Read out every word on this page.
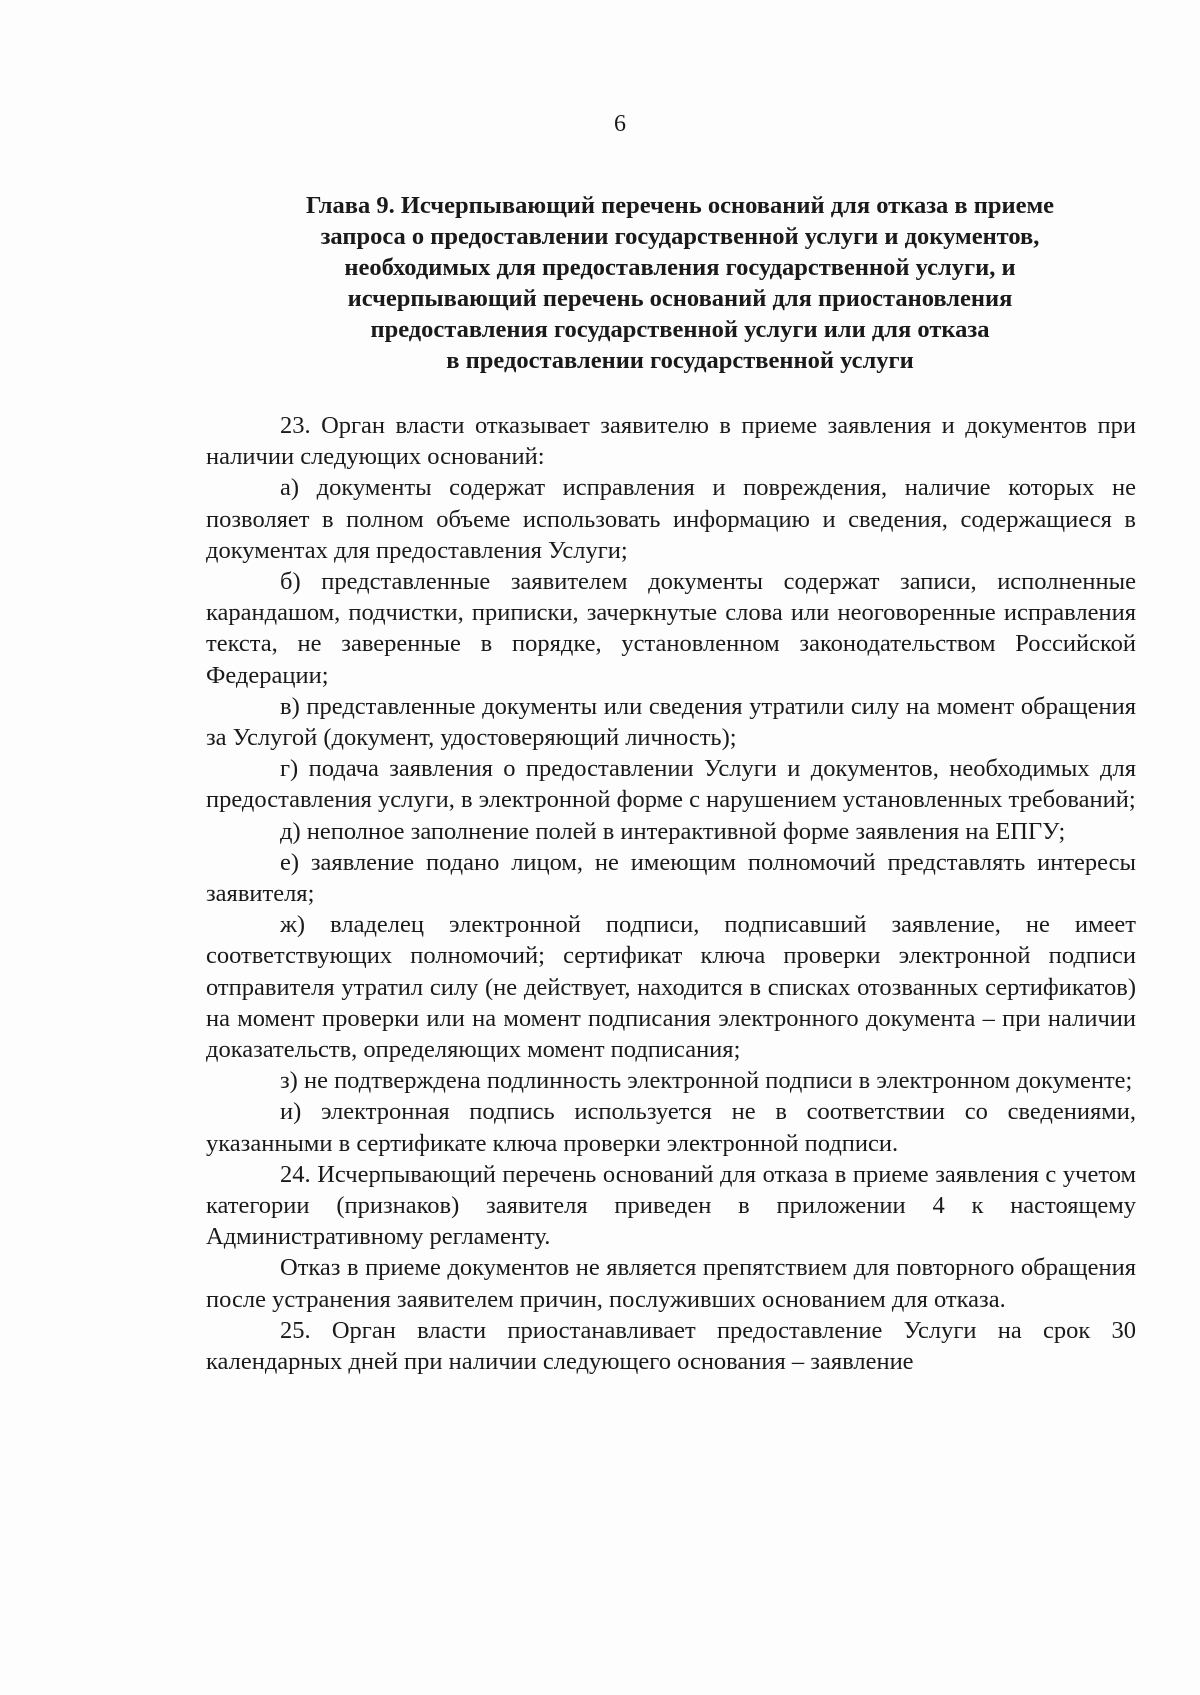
6
Глава 9. Исчерпывающий перечень оснований для отказа в приеме
запроса о предоставлении государственной услуги и документов,
необходимых для предоставления государственной услуги, и
исчерпывающий перечень оснований для приостановления
предоставления государственной услуги или для отказа
в предоставлении государственной услуги

23. Орган власти отказывает заявителю в приеме заявления и документов при наличии следующих оснований:

а) документы содержат исправления и повреждения, наличие которых не позволяет в полном объеме использовать информацию и сведения, содержащиеся в документах для предоставления Услуги;

б) представленные заявителем документы содержат записи, исполненные карандашом, подчистки, приписки, зачеркнутые слова или неоговоренные исправления текста, не заверенные в порядке, установленном законодательством Российской Федерации;

в) представленные документы или сведения утратили силу на момент обращения за Услугой (документ, удостоверяющий личность);

г) подача заявления о предоставлении Услуги и документов, необходимых для предоставления услуги, в электронной форме с нарушением установленных требований;

д) неполное заполнение полей в интерактивной форме заявления на ЕПГУ;

е) заявление подано лицом, не имеющим полномочий представлять интересы заявителя;

ж) владелец электронной подписи, подписавший заявление, не имеет соответствующих полномочий; сертификат ключа проверки электронной подписи отправителя утратил силу (не действует, находится в списках отозванных сертификатов) на момент проверки или на момент подписания электронного документа – при наличии доказательств, определяющих момент подписания;

з) не подтверждена подлинность электронной подписи в электронном документе;

и) электронная подпись используется не в соответствии со сведениями, указанными в сертификате ключа проверки электронной подписи.

24. Исчерпывающий перечень оснований для отказа в приеме заявления с учетом категории (признаков) заявителя приведен в приложении 4 к настоящему Административному регламенту.

Отказ в приеме документов не является препятствием для повторного обращения после устранения заявителем причин, послуживших основанием для отказа.

25. Орган власти приостанавливает предоставление Услуги на срок 30 календарных дней при наличии следующего основания – заявление
